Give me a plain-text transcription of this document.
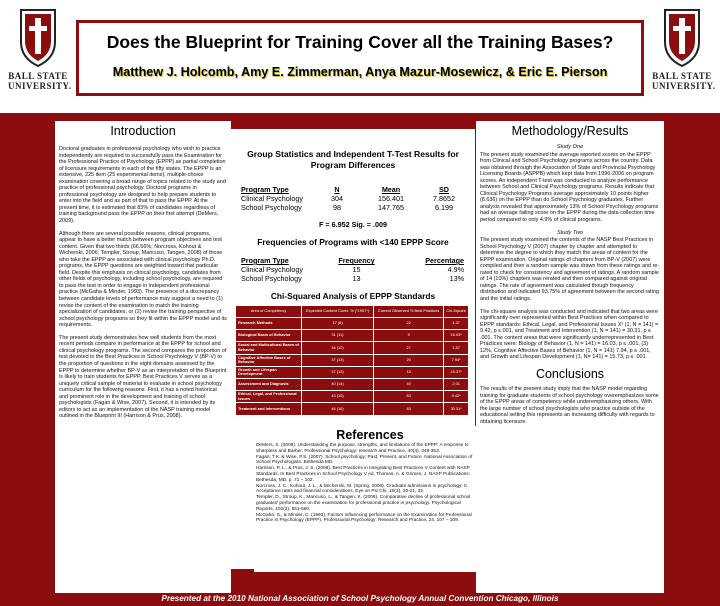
BALL STATE
UNIVERSITY.
Does the Blueprint for Training Cover all the Training Bases?
Matthew J. Holcomb, Amy E. Zimmerman, Anya Mazur-Mosewicz, & Eric E. Pierson	BALL STATE
UNIVERSITY.
Introduction

Doctoral graduates in professional psychology who wish to practice independently are required to successfully pass the Examination for the Professional Practice of Psychology (EPPP) as partial completion of licensure requirements in each of the fifty states. The EPPP is an extensive, 225 item (25 experimental items), multiple-choice examination covering a broad range of topics related to the study and practice of professional psychology. Doctoral programs in professional psychology are designed to help prepare students to enter into the field and as part of that to pass the EPPP. At the present time, it is estimated that 83% of candidates regardless of training background pass the EPPP on their first attempt (DeMers, 2009).

Although there are several possible reasons, clinical programs, appear to have a better match between program objectives and test content. Given that two thirds (66.56%; Norcross, Kohout & Wicherski, 2006; Templer, Stroup, Mancuso, Tangen, 2008) of those who take the EPPP are associated with clinical psychology Ph.D. programs, the EPPP questions are weighted toward that particular field. Despite this emphasis on clinical psychology, candidates from other fields of psychology, including school psychology, are required to pass the test in order to engage in independent professional practice (McGaha & Minder, 1993). The presence of a discrepancy between candidate levels of performance may suggest a need to (1) revise the content of the examination to match the training specialization of candidates, or (2) revise the training perspective of school psychology programs so they fit within the EPPP model and its requirements.

The present study demonstrates how well students from the most recent periods compare in performance at the EPPP for school and clinical psychology programs. The second compares the proportion of test devoted in the Best Practices in School Psychology V (BP-V) to the proportion of questions in the eight domains assessed by the EPPP to determine whether BP-V as an interpretation of the Blueprint is likely to train students for EPPP. Best Practices V serves as a uniquely critical sample of material to evaluate in school psychology curriculum for the following reasons. First, it has a noted historical and prominent role in the development and training of school psychologists (Fagan & Wise, 2007). Second, it is intended by its editors to act as an implementation of the NASP training model outlined in the Blueprint III (Harrison & Prus, 2008).

Group Statistics and Independent T-Test Results for Program Differences
Program Type	N	Mean	SD
Clinical Psychology	304	156.401	7.8652
School Psychology	98	147.765	6.199
F = 6.952 Sig. = .009
Frequencies of Programs with <140 EPPP Score
Program Type	Frequency	Percentage
Clinical Psychology	15	4.9%
School Psychology	13	13%
Chi-Squared Analysis of EPPP Standards
Area of Competency	Expected Content Cover. % (*1997*)	Current Observed % Best Practices	Chi-Square
Research Methods	17 (6)	22	1.37
Biological Basis of Behavior	31 (11)	9	15.03*
Social and Multicultural Bases of Behavior	34 (12)	27	1.57
Cognitive Affective Bases of Behavior	37 (13)	20	7.94*
Growth and Lifespan Development	37 (13)	13	15.37*
Assessment and Diagnosis	40 (14)	40	2.01
Ethical, Legal, and Professional Issues	43 (15)	63	9.42*
Treatment and Interventions	46 (16)	83	30.31*
Methodology/Results
Study One

The present study examined the average reported scores on the EPPP from Clinical and School Psychology programs across the country. Data was obtained through the Association of State and Provincial Psychology Licensing Boards (ASPPB) which kept data from 1996-2006 on program scores. An independent T-test was conducted to analyze performance between School and Clinical Psychology programs. Results indicate that Clinical Psychology Programs average approximately 10 points higher (8.636) on the EPPP than do School Psychology graduates. Further analysis revealed that approximately 13% of School Psychology programs had an average failing score on the EPPP during the data collection time period compared to only 4.9% of clinical programs.

Study Two

The present study examined the contents of the NASP Best Practices in School Psychology V (2007) chapter by chapter and attempted to determine the degree to which they match the areas of content for the EPPP examination. Original ratings of chapters from BP-V (2007) were compiled and then a random sample was drawn from these ratings and re-rated to check for consistency and agreement of ratings. A random sample of 14 (10%) chapters was rerated and then compared against original ratings. The rate of agreement was calculated though frequency distribution and indicated 93.75% of agreement between the second rating and the initial ratings.

The chi-square analysis was conducted and indicated that two areas were significantly over represented within Best Practices when compared to EPPP standards: Ethical, Legal, and Professional Issues X² (1, N = 141) = 9.42, p ≤.001, and Treatment and Intervention (1, N = 141) = 30.31, p ≤ .001. The content areas that were significantly underrepresented in Best Practices were: Biology of Behavior (1, N = 141) = 16.03, p ≤ .001, (3) 12%, Cognitive Affective Bases of Behavior (1, N = 141) 7.94, p ≤ .001, and Growth and Lifespan Development (1, N= 141) = 15.73, p ≤ .001.

Conclusions
The results of the present study imply that the NASP model regarding training for graduate students of school psychology overemphasizes some of the EPPP areas of competency while underemphasizing others. With the large number of school psychologists who practice outside of the educational setting this represents an increasing difficulty with regards to obtaining licensure.
References

DeMers, S. (2009). Understanding the purpose, strengths, and limitations of the EPPP: A response to Sharpless and Barber. Professional Psychology: research and Practice, 40(4), 348-353.

Fagan, T.K. & Wise, P.S. (2007). School psychology: Past, Present, and Future. National Association of School Psychologists. Bethesda MD.

Harrison, P. L., & Prus, J. S. (2008). Best Practices in Integrating Best Practices V Content with NASP Standards. In Best Practices in School Psychology V ed. Thomas, A. & Grimes, J. NASP Publications: Bethesda, MD, p. 71 – 102.

Norcross, J. C., Kohout, J. L., & Wicherski, M. (Spring, 2006). Graduate admissions in psychology: II. Acceptance rates and financial considerations, Eye on Psi Chi, 10(3), 20-21, 32.

Templer, D., Stroup, K., Mancuso, L., & Tangen, K. (2008). Comparative decline of professional school graduates' performance on the examination for professional practice in psychology. Psychological Reports, 102(2), 551-560.

McGaha, S., & Minder, C. (1993). Factors influencing performance on the Examination for Professional Practice in Psychology (EPPP). Professional Psychology: Research and Practice, 24, 107 – 109.

Presented at the 2010 National Association of School Psychology Annual Convention Chicago, Illinois
